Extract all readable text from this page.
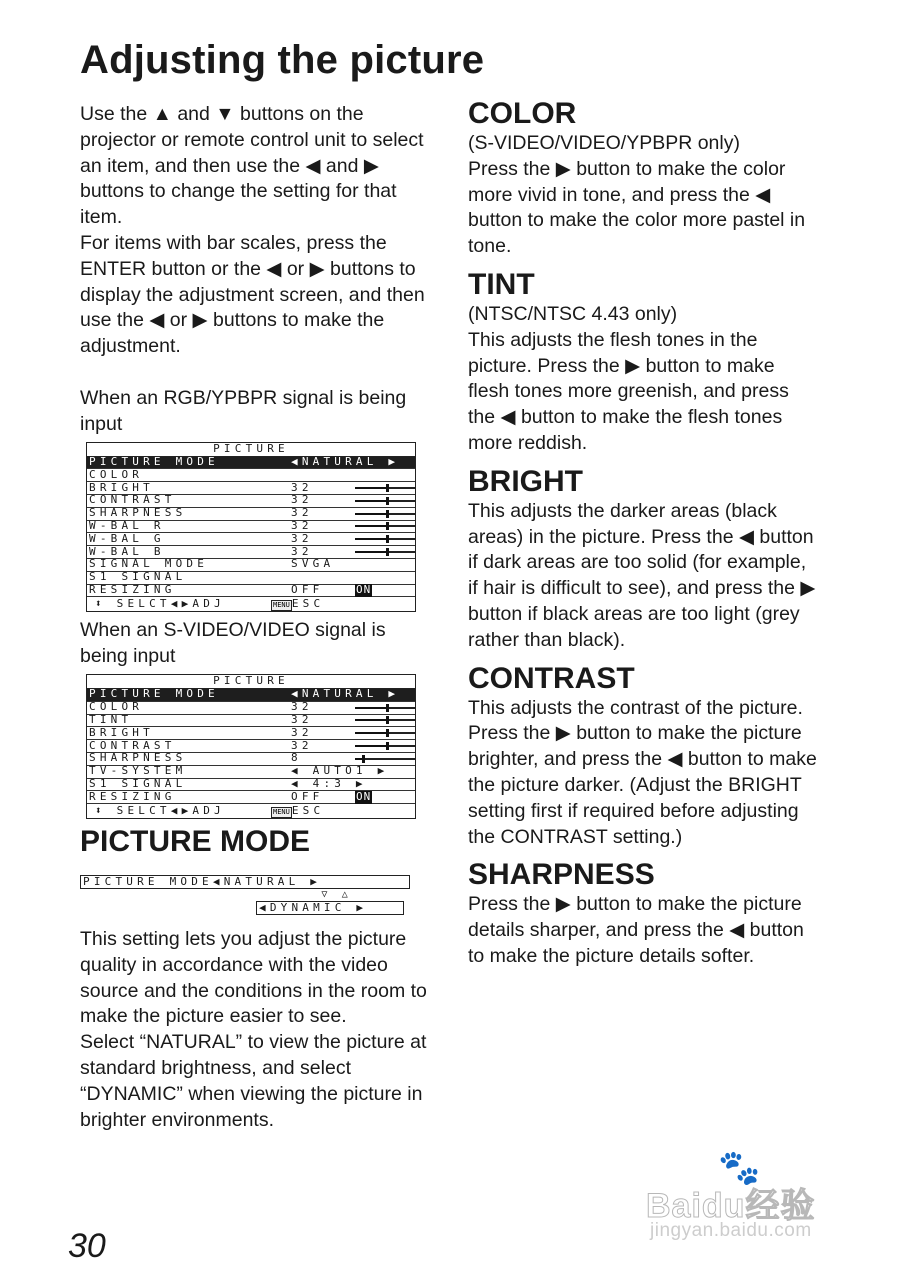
Adjusting the picture

Use the ▲ and ▼ buttons on the projector or remote control unit to select an item, and then use the ◀ and ▶ buttons to change the setting for that item.

For items with bar scales, press the ENTER button or the ◀ or ▶ buttons to display the adjustment screen, and then use the ◀ or ▶ buttons to make the adjustment.

When an RGB/YPBPR signal is being input
PICTURE
PICTURE MODE	◀NATURAL ▶
COLOR
BRIGHT	32
CONTRAST	32
SHARPNESS	32
W-BAL R	32
W-BAL G	32
W-BAL B	32
SIGNAL MODE	SVGA
S1 SIGNAL
RESIZING	OFF	ON
⬍ SELCT◀▶ADJ	MENU ESC
When an S-VIDEO/VIDEO signal is being input
PICTURE
PICTURE MODE	◀NATURAL ▶
COLOR	32
TINT	32
BRIGHT	32
CONTRAST	32
SHARPNESS	8
TV-SYSTEM	◀ AUTO1 ▶
S1 SIGNAL	◀ 4:3 ▶
RESIZING	OFF	ON
⬍ SELCT◀▶ADJ	MENU ESC
PICTURE MODE
PICTURE MODE◀NATURAL ▶
▽ △
◀DYNAMIC ▶

This setting lets you adjust the picture quality in accordance with the video source and the conditions in the room to make the picture easier to see.

Select “NATURAL” to view the picture at standard brightness, and select “DYNAMIC” when viewing the picture in brighter environments.

COLOR

(S-VIDEO/VIDEO/YPBPR only)

Press the ▶ button to make the color more vivid in tone, and press the ◀ button to make the color more pastel in tone.

TINT

(NTSC/NTSC 4.43 only)

This adjusts the flesh tones in the picture. Press the ▶ button to make flesh tones more greenish, and press the ◀ button to make the flesh tones more reddish.

BRIGHT

This adjusts the darker areas (black areas) in the picture. Press the ◀ button if dark areas are too solid (for example, if hair is difficult to see), and press the ▶ button if black areas are too light (grey rather than black).

CONTRAST

This adjusts the contrast of the picture. Press the ▶ button to make the picture brighter, and press the ◀ button to make the picture darker. (Adjust the BRIGHT setting first if required before adjusting the CONTRAST setting.)

SHARPNESS

Press the ▶ button to make the picture details sharper, and press the ◀ button to make the picture details softer.

🐾
Baidu经验
jingyan.baidu.com
30
